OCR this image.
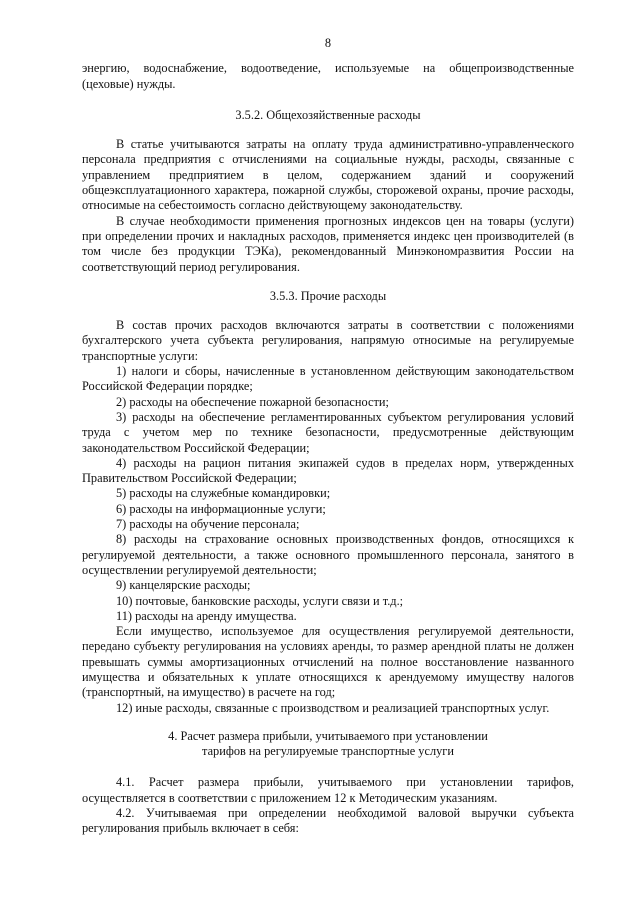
8

энергию, водоснабжение, водоотведение, используемые на общепроизводственные (цеховые) нужды.

3.5.2. Общехозяйственные расходы

В статье учитываются затраты на оплату труда административно-управленческого персонала предприятия с отчислениями на социальные нужды, расходы, связанные с управлением предприятием в целом, содержанием зданий и сооружений общеэксплуатационного характера, пожарной службы, сторожевой охраны, прочие расходы, относимые на себестоимость согласно действующему законодательству.

В случае необходимости применения прогнозных индексов цен на товары (услуги) при определении прочих и накладных расходов, применяется индекс цен производителей (в том числе без продукции ТЭКа), рекомендованный Минэкономразвития России на соответствующий период регулирования.

3.5.3. Прочие расходы

В состав прочих расходов включаются затраты в соответствии с положениями бухгалтерского учета субъекта регулирования, напрямую относимые на регулируемые транспортные услуги:

1) налоги и сборы, начисленные в установленном действующим законодательством Российской Федерации порядке;

2) расходы на обеспечение пожарной безопасности;

3) расходы на обеспечение регламентированных субъектом регулирования условий труда с учетом мер по технике безопасности, предусмотренные действующим законодательством Российской Федерации;

4) расходы на рацион питания экипажей судов в пределах норм, утвержденных Правительством Российской Федерации;

5) расходы на служебные командировки;

6) расходы на информационные услуги;

7) расходы на обучение персонала;

8) расходы на страхование основных производственных фондов, относящихся к регулируемой деятельности, а также основного промышленного персонала, занятого в осуществлении регулируемой деятельности;

9) канцелярские расходы;

10) почтовые, банковские расходы, услуги связи и т.д.;

11) расходы на аренду имущества.

Если имущество, используемое для осуществления регулируемой деятельности, передано субъекту регулирования на условиях аренды, то размер арендной платы не должен превышать суммы амортизационных отчислений на полное восстановление названного имущества и обязательных к уплате относящихся к арендуемому имуществу налогов (транспортный, на имущество) в расчете на год;

12) иные расходы, связанные с производством и реализацией транспортных услуг.

4. Расчет размера прибыли, учитываемого при установлении

тарифов на регулируемые транспортные услуги

4.1. Расчет размера прибыли, учитываемого при установлении тарифов, осуществляется в соответствии с приложением 12 к Методическим указаниям.

4.2. Учитываемая при определении необходимой валовой выручки субъекта регулирования прибыль включает в себя:
